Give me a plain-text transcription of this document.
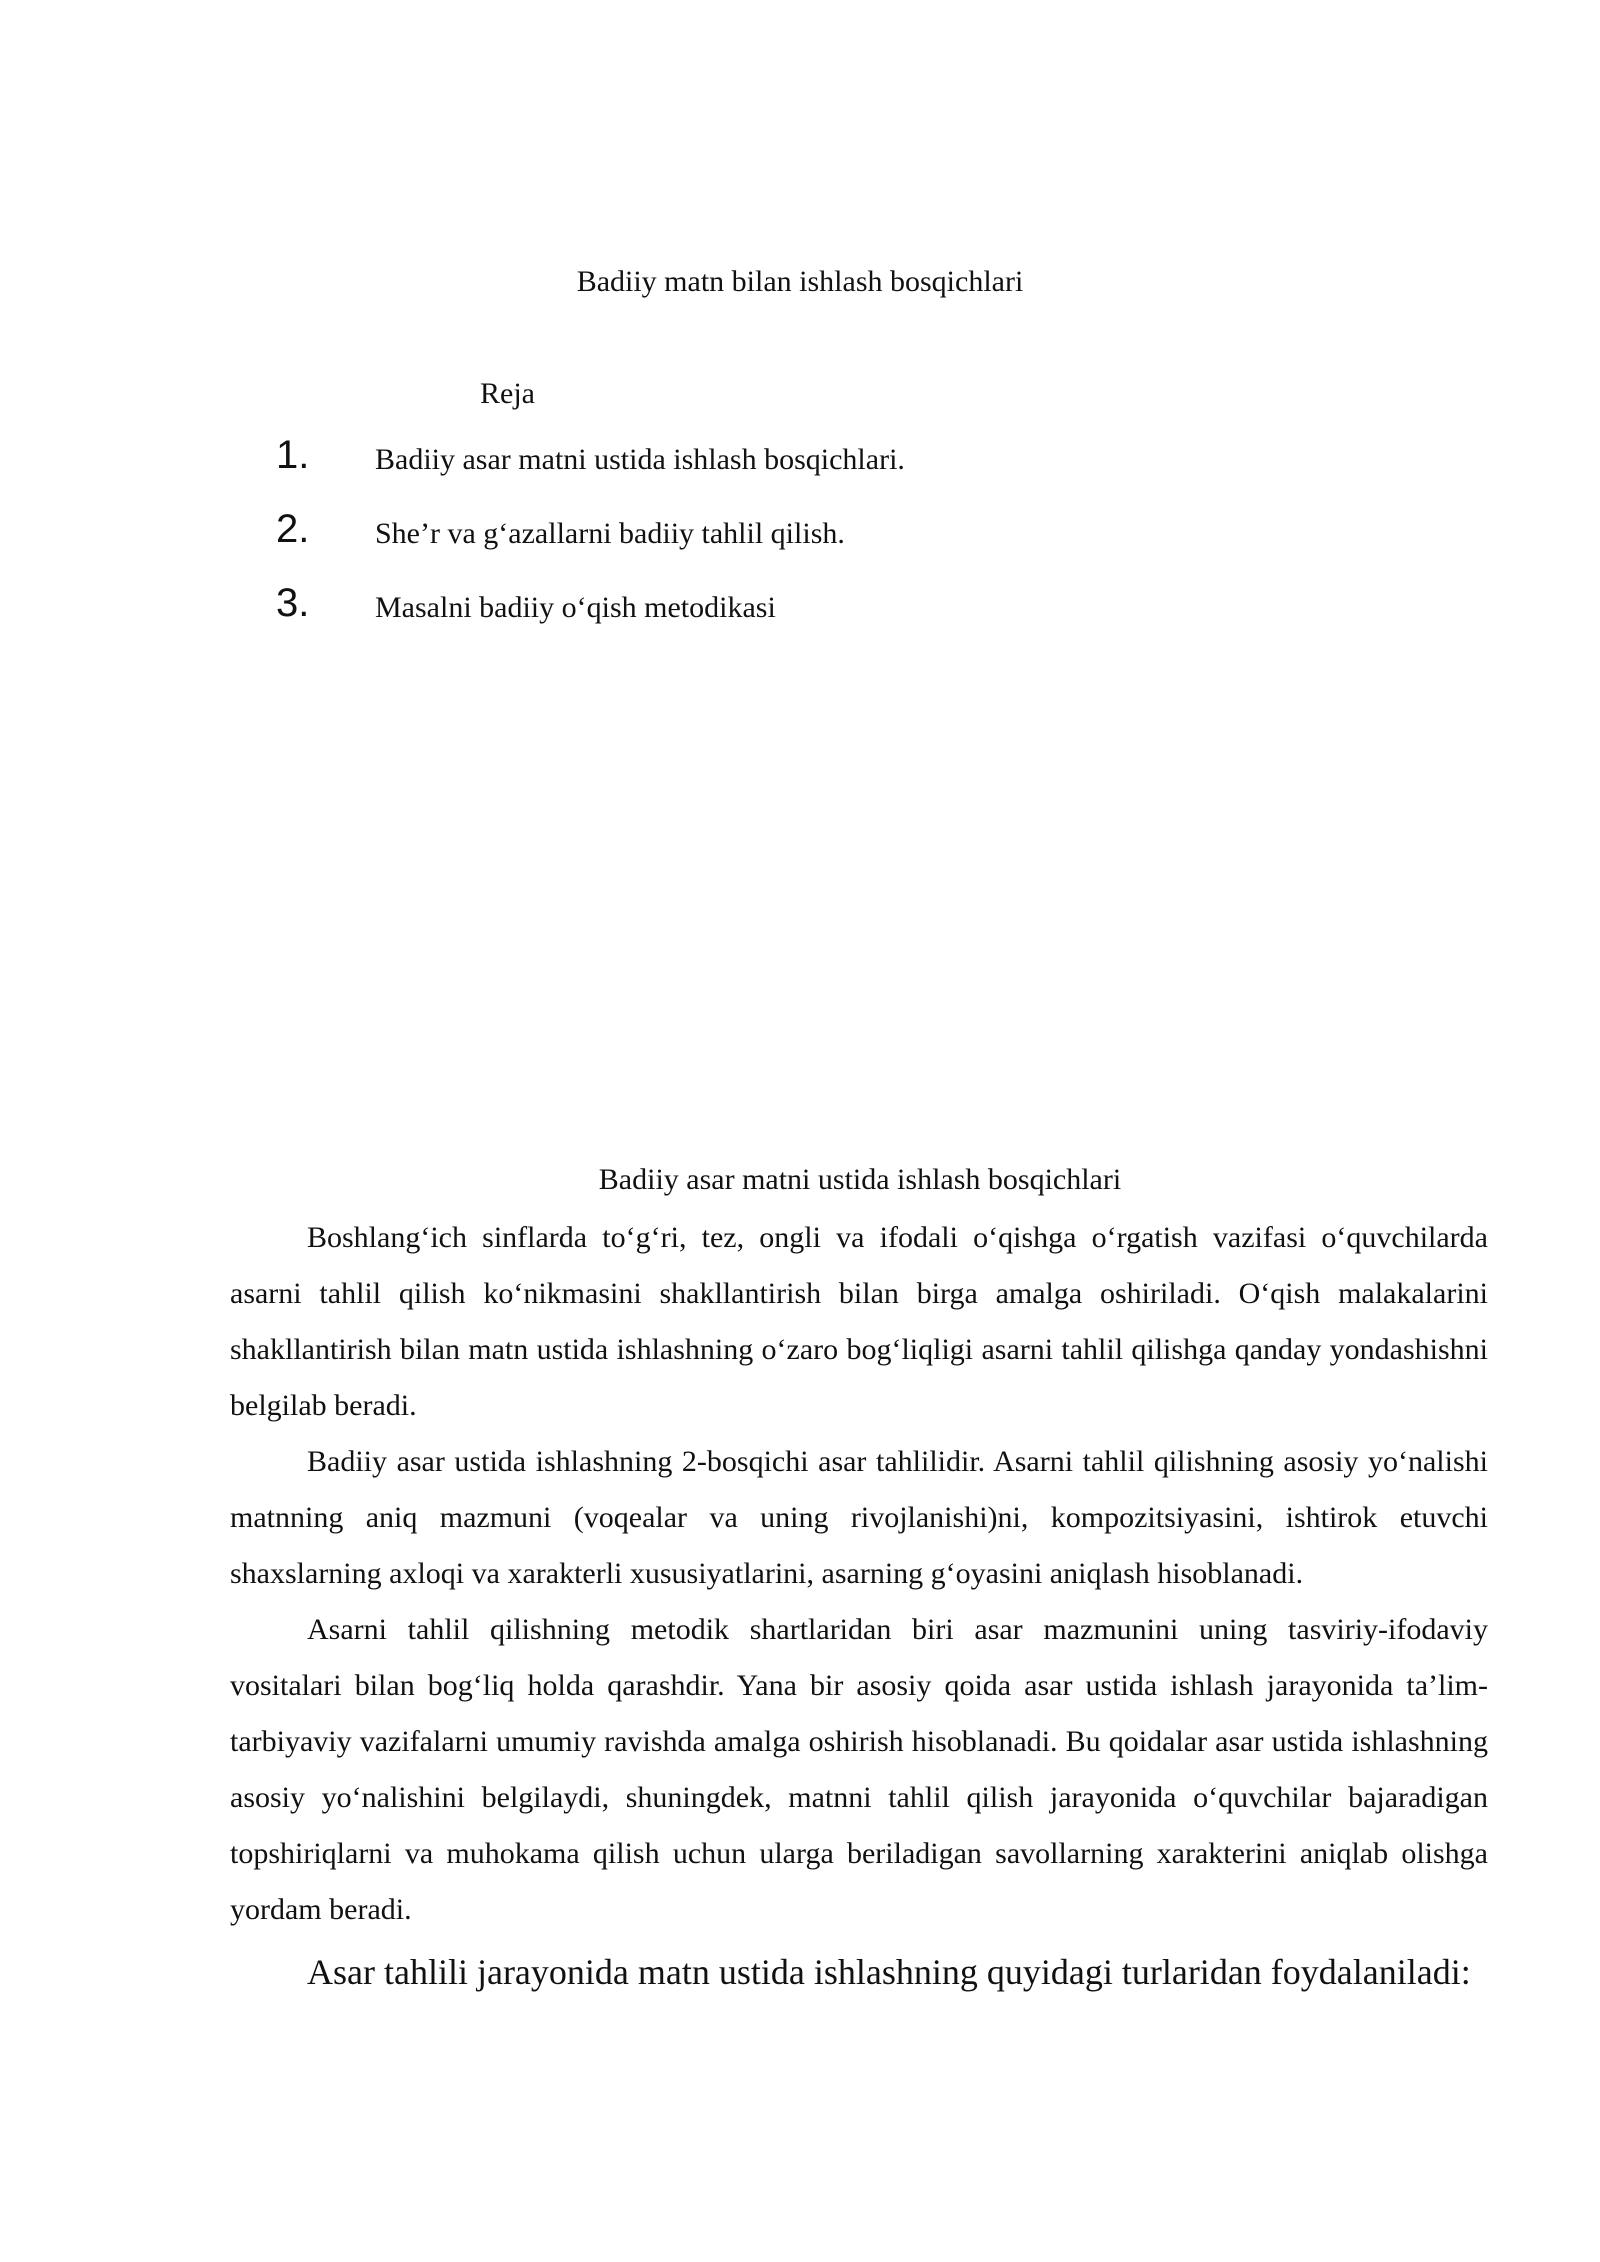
Badiiy matn bilan ishlash bosqichlari
Reja
1. Badiiy asar matni ustida ishlash bosqichlari.
2. She’r va g‘azallarni badiiy tahlil qilish.
3. Masalni badiiy o‘qish metodikasi
Badiiy asar matni ustida ishlash bosqichlari

Boshlang‘ich sinflarda to‘g‘ri, tez, ongli va ifodali o‘qishga o‘rgatish vazifasi o‘quvchilarda asarni tahlil qilish ko‘nikmasini shakllantirish bilan birga amalga oshiriladi. O‘qish malakalarini shakllantirish bilan matn ustida ishlashning o‘zaro bog‘liqligi asarni tahlil qilishga qanday yondashishni belgilab beradi.

Badiiy asar ustida ishlashning 2-bosqichi asar tahlilidir. Asarni tahlil qilishning asosiy yo‘nalishi matnning aniq mazmuni (voqealar va uning rivojlanishi)ni, kompozitsiyasini, ishtirok etuvchi shaxslarning axloqi va xarakterli xususiyatlarini, asarning g‘oyasini aniqlash hisoblanadi.

Asarni tahlil qilishning metodik shartlaridan biri asar mazmunini uning tasviriy-ifodaviy vositalari bilan bog‘liq holda qarashdir. Yana bir asosiy qoida asar ustida ishlash jarayonida ta’lim-tarbiyaviy vazifalarni umumiy ravishda amalga oshirish hisoblanadi. Bu qoidalar asar ustida ishlashning asosiy yo‘nalishini belgilaydi, shuningdek, matnni tahlil qilish jarayonida o‘quvchilar bajaradigan topshiriqlarni va muhokama qilish uchun ularga beriladigan savollarning xarakterini aniqlab olishga yordam beradi.

Asar tahlili jarayonida matn ustida ishlashning quyidagi turlaridan foydalaniladi:
